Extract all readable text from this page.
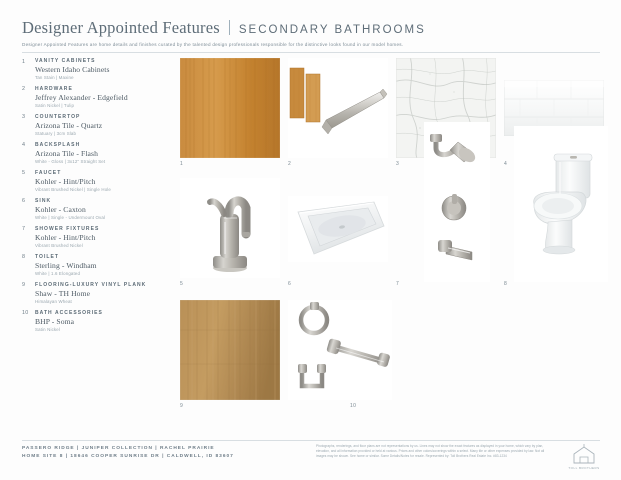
Designer Appointed Features SECONDARY BATHROOMS
Designer Appointed Features are home details and finishes curated by the talented design professionals responsible for the distinctive looks found in our model homes.
1	VANITY CABINETS
Western Idaho Cabinets
Tan Stain | Maxine
2	HARDWARE
Jeffrey Alexander - Edgefield
Satin Nickel | Tulip
3	COUNTERTOP
Arizona Tile - Quartz
Statuary | 3cm Slab
4	BACKSPLASH
Arizona Tile - Flash
White - Gloss | 3x12" Straight Set
5	FAUCET
Kohler - Hint/Pitch
Vibrant Brushed Nickel | Single Hole
6	SINK
Kohler - Caxton
White | Single - Undermount Oval
7	SHOWER FIXTURES
Kohler - Hint/Pitch
Vibrant Brushed Nickel
8	TOILET
Sterling - Windham
White | 1.6 Elongated
9	FLOORING-LUXURY VINYL PLANK
Shaw - TH Home
Himalayan Wheat
10	BATH ACCESSORIES
BHP - Soma
Satin Nickel
1	2	3	4
5	6	7	8
9	10
PASSERO RIDGE | JUNIPER COLLECTION | RACHEL PRAIRIE
HOME SITE 8 | 18646 COOPER SUNRISE DR | CALDWELL, ID 83607
Photographs, renderings, and floor plans are not representations by us. Lines may not show the exact features as displayed in your home, which vary by plan, elevation, and all information provided or held at various. Prices and other colors/coverings within a select. Many tile or other expenses provided by law. Not all images may be shown. See home or similar. Some Details/Notes for resale. Represented by: Toll Brothers Real Estate Inc. #83-1234
TOLL BROTHERS
